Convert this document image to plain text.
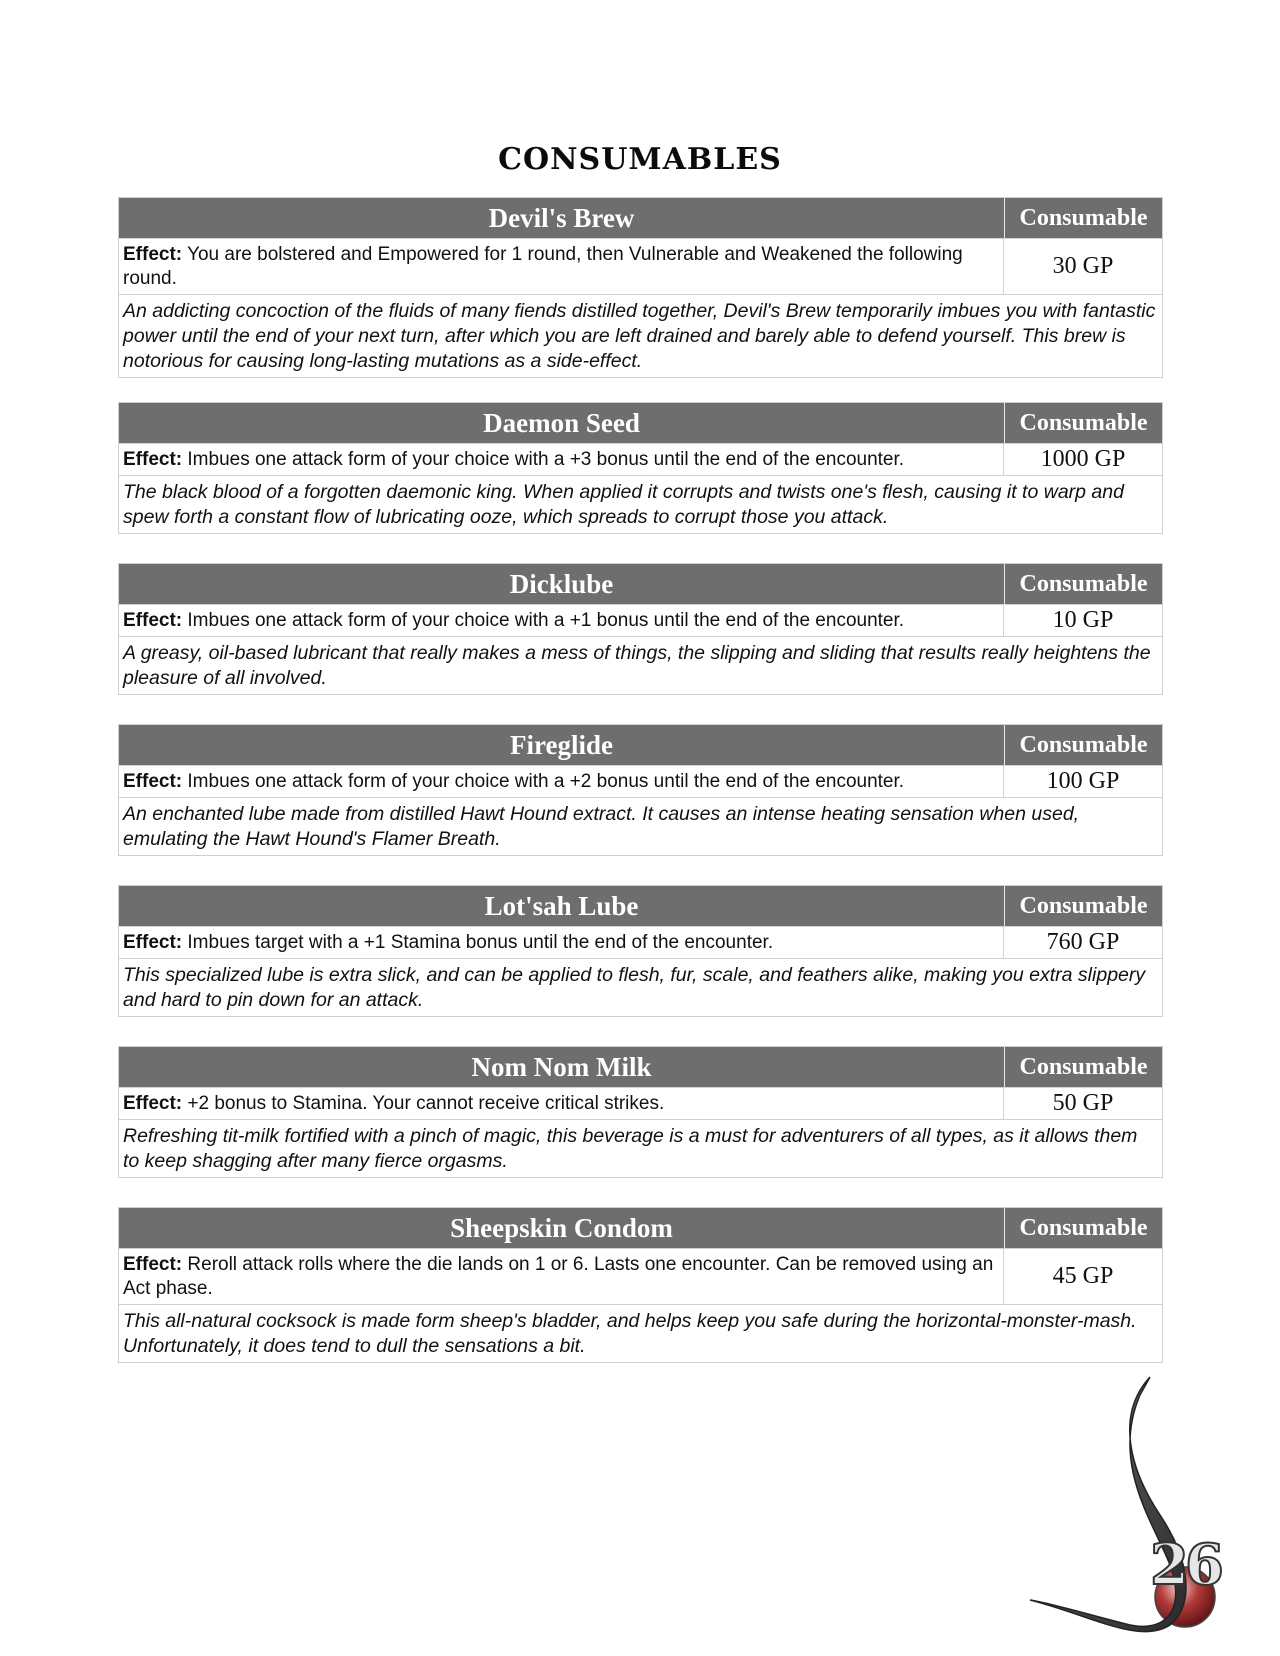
CONSUMABLES
Devil's Brew	Consumable
Effect: You are bolstered and Empowered for 1 round, then Vulnerable and Weakened the following round.	30 GP
An addicting concoction of the fluids of many fiends distilled together, Devil's Brew temporarily imbues you with fantastic power until the end of your next turn, after which you are left drained and barely able to defend yourself. This brew is notorious for causing long-lasting mutations as a side-effect.
Daemon Seed	Consumable
Effect: Imbues one attack form of your choice with a +3 bonus until the end of the encounter.	1000 GP
The black blood of a forgotten daemonic king. When applied it corrupts and twists one's flesh, causing it to warp and spew forth a constant flow of lubricating ooze, which spreads to corrupt those you attack.
Dicklube	Consumable
Effect: Imbues one attack form of your choice with a +1 bonus until the end of the encounter.	10 GP
A greasy, oil-based lubricant that really makes a mess of things, the slipping and sliding that results really heightens the pleasure of all involved.
Fireglide	Consumable
Effect: Imbues one attack form of your choice with a +2 bonus until the end of the encounter.	100 GP
An enchanted lube made from distilled Hawt Hound extract. It causes an intense heating sensation when used, emulating the Hawt Hound's Flamer Breath.
Lot'sah Lube	Consumable
Effect: Imbues target with a +1 Stamina bonus until the end of the encounter.	760 GP
This specialized lube is extra slick, and can be applied to flesh, fur, scale, and feathers alike, making you extra slippery and hard to pin down for an attack.
Nom Nom Milk	Consumable
Effect: +2 bonus to Stamina. Your cannot receive critical strikes.	50 GP
Refreshing tit-milk fortified with a pinch of magic, this beverage is a must for adventurers of all types, as it allows them to keep shagging after many fierce orgasms.
Sheepskin Condom	Consumable
Effect: Reroll attack rolls where the die lands on 1 or 6. Lasts one encounter. Can be removed using an Act phase.	45 GP
This all-natural cocksock is made form sheep's bladder, and helps keep you safe during the horizontal-monster-mash. Unfortunately, it does tend to dull the sensations a bit.
26
